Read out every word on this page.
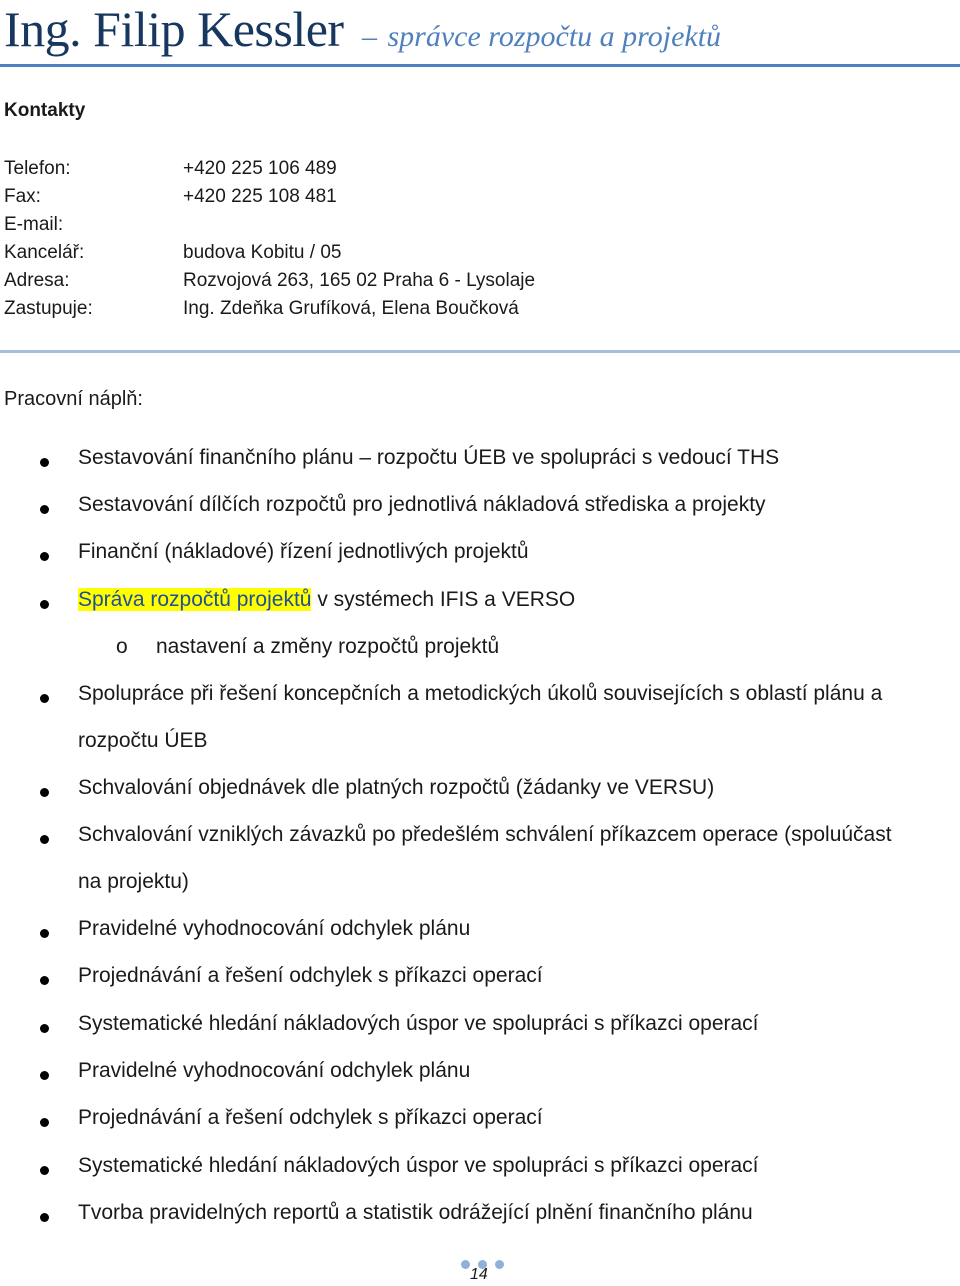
Ing. Filip Kessler – správce rozpočtu a projektů
Kontakty
Telefon:	+420 225 106 489
Fax:	+420 225 108 481
E-mail:
Kancelář:	budova Kobitu / 05
Adresa:	Rozvojová 263, 165 02 Praha 6 - Lysolaje
Zastupuje:	Ing. Zdeňka Grufíková, Elena Boučková
Pracovní náplň:
Sestavování finančního plánu – rozpočtu ÚEB ve spolupráci s vedoucí THS
Sestavování dílčích rozpočtů pro jednotlivá nákladová střediska a projekty
Finanční (nákladové) řízení jednotlivých projektů
Správa rozpočtů projektů v systémech IFIS a VERSO
o nastavení a změny rozpočtů projektů
Spolupráce při řešení koncepčních a metodických úkolů souvisejících s oblastí plánu a
rozpočtu ÚEB
Schvalování objednávek dle platných rozpočtů (žádanky ve VERSU)
Schvalování vzniklých závazků po předešlém schválení příkazcem operace (spoluúčast
na projektu)
Pravidelné vyhodnocování odchylek plánu
Projednávání a řešení odchylek s příkazci operací
Systematické hledání nákladových úspor ve spolupráci s příkazci operací
Pravidelné vyhodnocování odchylek plánu
Projednávání a řešení odchylek s příkazci operací
Systematické hledání nákladových úspor ve spolupráci s příkazci operací
Tvorba pravidelných reportů a statistik odrážející plnění finančního plánu
14
